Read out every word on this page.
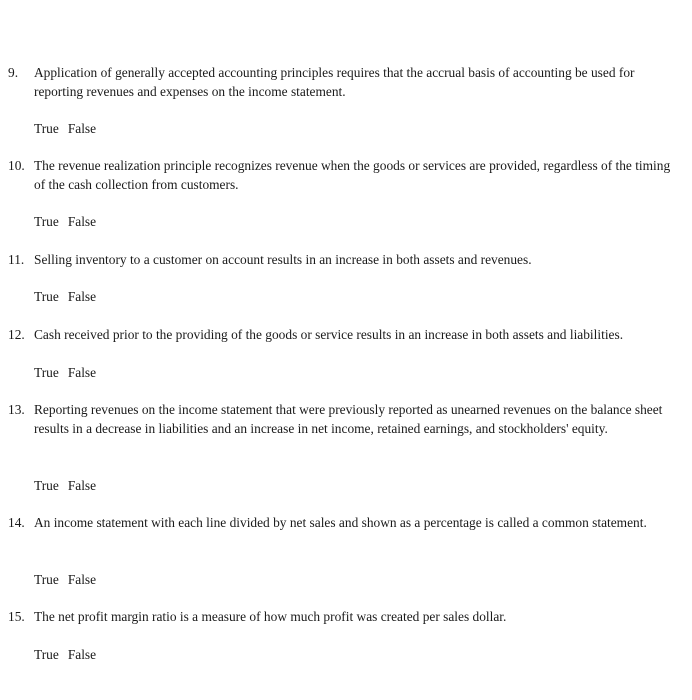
9.	Application of generally accepted accounting principles requires that the accrual basis of accounting be used for reporting revenues and expenses on the income statement.
True False
10. The revenue realization principle recognizes revenue when the goods or services are provided, regardless of the timing of the cash collection from customers.
True False
11. Selling inventory to a customer on account results in an increase in both assets and revenues.
True False
12. Cash received prior to the providing of the goods or service results in an increase in both assets and liabilities.
True False
13. Reporting revenues on the income statement that were previously reported as unearned revenues on the balance sheet results in a decrease in liabilities and an increase in net income, retained earnings, and stockholders' equity.
True False
14. An income statement with each line divided by net sales and shown as a percentage is called a common statement.
True False
15. The net profit margin ratio is a measure of how much profit was created per sales dollar.
True False
